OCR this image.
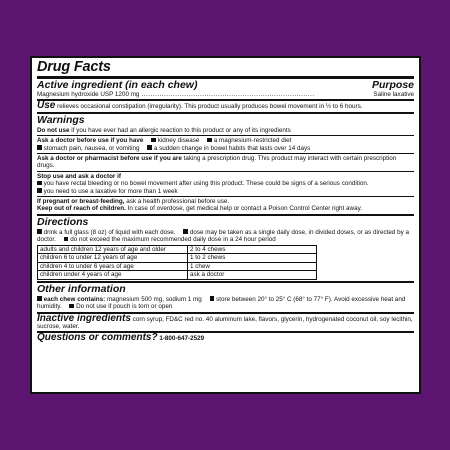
Drug Facts
Active ingredient (in each chew)	Purpose
Magnesium hydroxide USP 1200 mg .............................................................................	Saline laxative
Use relieves occasional constipation (irregularity). This product usually produces bowel movement in ½ to 6 hours.
Warnings
Do not use if you have ever had an allergic reaction to this product or any of its ingredients
Ask a doctor before use if you have kidney disease a magnesium-restricted diet
stomach pain, nausea, or vomiting a sudden change in bowel habits that lasts over 14 days
Ask a doctor or pharmacist before use if you are taking a prescription drug. This product may interact with certain prescription drugs.
Stop use and ask a doctor if
you have rectal bleeding or no bowel movement after using this product. These could be signs of a serious condition.
you need to use a laxative for more than 1 week
If pregnant or breast-feeding, ask a health professional before use.
Keep out of reach of children. In case of overdose, get medical help or contact a Poison Control Center right away.
Directions
drink a full glass (8 oz) of liquid with each dose. dose may be taken as a single daily dose, in divided doses, or as directed by a doctor. do not exceed the maximum recommended daily dose in a 24 hour period
adults and children 12 years of age and older	2 to 4 chews
children 6 to under 12 years of age	1 to 2 chews
children 4 to under 6 years of age	1 chew
children under 4 years of age	ask a doctor
Other information
each chew contains: magnesium 500 mg, sodium 1 mg store between 20° to 25° C (68° to 77° F). Avoid excessive heat and humidity. Do not use if pouch is torn or open
Inactive ingredients corn syrup, FD&C red no. 40 aluminum lake, flavors, glycerin, hydrogenated coconut oil, soy lecithin, sucrose, water.
Questions or comments? 1-800-647-2529
